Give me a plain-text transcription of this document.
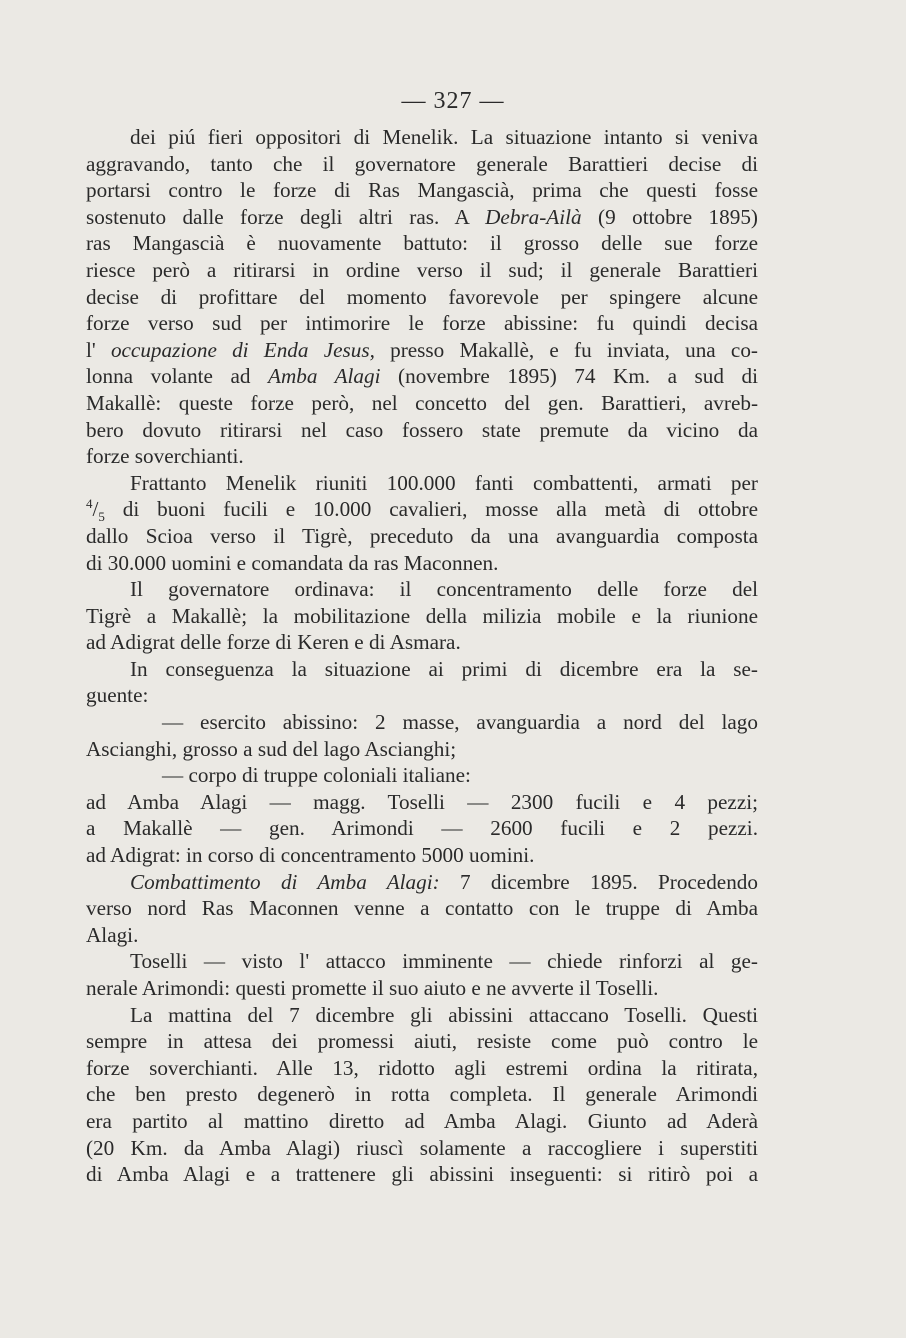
— 327 —

dei piú fieri oppositori di Menelik. La situazione intanto si veniva
aggravando, tanto che il governatore generale Barattieri decise di
portarsi contro le forze di Ras Mangascià, prima che questi fosse
sostenuto dalle forze degli altri ras. A Debra-Ailà (9 ottobre 1895)
ras Mangascià è nuovamente battuto: il grosso delle sue forze
riesce però a ritirarsi in ordine verso il sud; il generale Barattieri
decise di profittare del momento favorevole per spingere alcune
forze verso sud per intimorire le forze abissine: fu quindi decisa
l' occupazione di Enda Jesus, presso Makallè, e fu inviata, una co-
lonna volante ad Amba Alagi (novembre 1895) 74 Km. a sud di
Makallè: queste forze però, nel concetto del gen. Barattieri, avreb-
bero dovuto ritirarsi nel caso fossero state premute da vicino da
forze soverchianti.

Frattanto Menelik riuniti 100.000 fanti combattenti, armati per
$^4/_5$ di buoni fucili e 10.000 cavalieri, mosse alla metà di ottobre
dallo Scioa verso il Tigrè, preceduto da una avanguardia composta
di 30.000 uomini e comandata da ras Maconnen.

Il governatore ordinava: il concentramento delle forze del
Tigrè a Makallè; la mobilitazione della milizia mobile e la riunione
ad Adigrat delle forze di Keren e di Asmara.

In conseguenza la situazione ai primi di dicembre era la se-
guente:

— esercito abissino: 2 masse, avanguardia a nord del lago
Ascianghi, grosso a sud del lago Ascianghi;

— corpo di truppe coloniali italiane:

ad Amba Alagi — magg. Toselli — 2300 fucili e 4 pezzi;
a Makallè — gen. Arimondi — 2600 fucili e 2 pezzi.
ad Adigrat: in corso di concentramento 5000 uomini.

Combattimento di Amba Alagi: 7 dicembre 1895. Procedendo
verso nord Ras Maconnen venne a contatto con le truppe di Amba
Alagi.

Toselli — visto l' attacco imminente — chiede rinforzi al ge-
nerale Arimondi: questi promette il suo aiuto e ne avverte il Toselli.

La mattina del 7 dicembre gli abissini attaccano Toselli. Questi
sempre in attesa dei promessi aiuti, resiste come può contro le
forze soverchianti. Alle 13, ridotto agli estremi ordina la ritirata,
che ben presto degenerò in rotta completa. Il generale Arimondi
era partito al mattino diretto ad Amba Alagi. Giunto ad Aderà
(20 Km. da Amba Alagi) riuscì solamente a raccogliere i superstiti
di Amba Alagi e a trattenere gli abissini inseguenti: si ritirò poi a
